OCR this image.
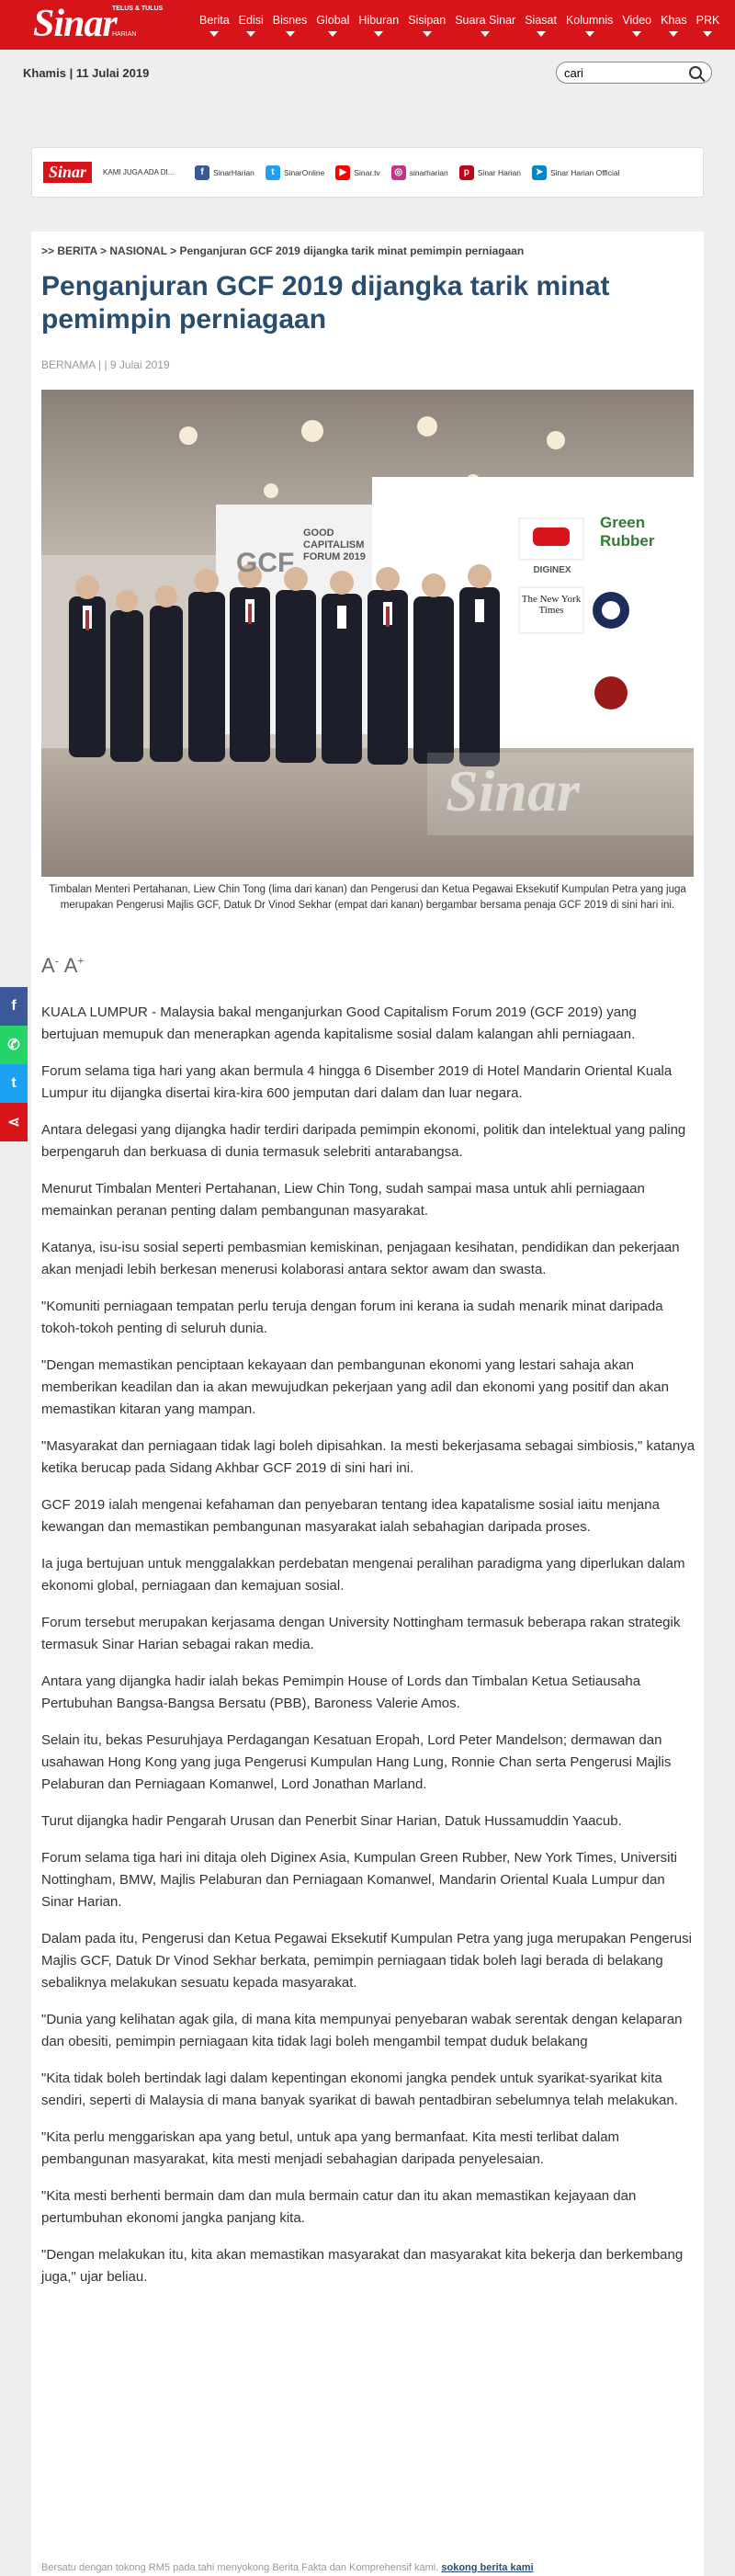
TELUS & TULUS
Sinar
HARIAN
Berita Edisi Bisnes Global Hiburan Sisipan Suara Sinar Siasat Kolumnis Video Khas PRK
Khamis | 11 Julai 2019
cari
Sinar	KAMI JUGA ADA DI...	f	SinarHarian	t	SinarOnline	▶ Sinar.tv	◎ sinarharian	p	Sinar Harian	➤ Sinar Harian Official
>> BERITA > NASIONAL > Penganjuran GCF 2019 dijangka tarik minat pemimpin perniagaan
Penganjuran GCF 2019 dijangka tarik minat pemimpin perniagaan
BERNAMA | | 9 Julai 2019
GOOD CAPITALISM FORUM 2019
GCF	DIGINEX
Green Rubber
The New York Times
Sinar
Timbalan Menteri Pertahanan, Liew Chin Tong (lima dari kanan) dan Pengerusi dan Ketua Pegawai Eksekutif Kumpulan Petra yang juga merupakan Pengerusi Majlis GCF, Datuk Dr Vinod Sekhar (empat dari kanan) bergambar bersama penaja GCF 2019 di sini hari ini.
A- A+

KUALA LUMPUR - Malaysia bakal menganjurkan Good Capitalism Forum 2019 (GCF 2019) yang bertujuan memupuk dan menerapkan agenda kapitalisme sosial dalam kalangan ahli perniagaan.

Forum selama tiga hari yang akan bermula 4 hingga 6 Disember 2019 di Hotel Mandarin Oriental Kuala Lumpur itu dijangka disertai kira-kira 600 jemputan dari dalam dan luar negara.

Antara delegasi yang dijangka hadir terdiri daripada pemimpin ekonomi, politik dan intelektual yang paling berpengaruh dan berkuasa di dunia termasuk selebriti antarabangsa.

Menurut Timbalan Menteri Pertahanan, Liew Chin Tong, sudah sampai masa untuk ahli perniagaan memainkan peranan penting dalam pembangunan masyarakat.

Katanya, isu-isu sosial seperti pembasmian kemiskinan, penjagaan kesihatan, pendidikan dan pekerjaan akan menjadi lebih berkesan menerusi kolaborasi antara sektor awam dan swasta.

"Komuniti perniagaan tempatan perlu teruja dengan forum ini kerana ia sudah menarik minat daripada tokoh-tokoh penting di seluruh dunia.

"Dengan memastikan penciptaan kekayaan dan pembangunan ekonomi yang lestari sahaja akan memberikan keadilan dan ia akan mewujudkan pekerjaan yang adil dan ekonomi yang positif dan akan memastikan kitaran yang mampan.

"Masyarakat dan perniagaan tidak lagi boleh dipisahkan. Ia mesti bekerjasama sebagai simbiosis," katanya ketika berucap pada Sidang Akhbar GCF 2019 di sini hari ini.

GCF 2019 ialah mengenai kefahaman dan penyebaran tentang idea kapatalisme sosial iaitu menjana kewangan dan memastikan pembangunan masyarakat ialah sebahagian daripada proses.

Ia juga bertujuan untuk menggalakkan perdebatan mengenai peralihan paradigma yang diperlukan dalam ekonomi global, perniagaan dan kemajuan sosial.

Forum tersebut merupakan kerjasama dengan University Nottingham termasuk beberapa rakan strategik termasuk Sinar Harian sebagai rakan media.

Antara yang dijangka hadir ialah bekas Pemimpin House of Lords dan Timbalan Ketua Setiausaha Pertubuhan Bangsa-Bangsa Bersatu (PBB), Baroness Valerie Amos.

Selain itu, bekas Pesuruhjaya Perdagangan Kesatuan Eropah, Lord Peter Mandelson; dermawan dan usahawan Hong Kong yang juga Pengerusi Kumpulan Hang Lung, Ronnie Chan serta Pengerusi Majlis Pelaburan dan Perniagaan Komanwel, Lord Jonathan Marland.

Turut dijangka hadir Pengarah Urusan dan Penerbit Sinar Harian, Datuk Hussamuddin Yaacub.

Forum selama tiga hari ini ditaja oleh Diginex Asia, Kumpulan Green Rubber, New York Times, Universiti Nottingham, BMW, Majlis Pelaburan dan Perniagaan Komanwel, Mandarin Oriental Kuala Lumpur dan Sinar Harian.

Dalam pada itu, Pengerusi dan Ketua Pegawai Eksekutif Kumpulan Petra yang juga merupakan Pengerusi Majlis GCF, Datuk Dr Vinod Sekhar berkata, pemimpin perniagaan tidak boleh lagi berada di belakang sebaliknya melakukan sesuatu kepada masyarakat.

"Dunia yang kelihatan agak gila, di mana kita mempunyai penyebaran wabak serentak dengan kelaparan dan obesiti, pemimpin perniagaan kita tidak lagi boleh mengambil tempat duduk belakang

"Kita tidak boleh bertindak lagi dalam kepentingan ekonomi jangka pendek untuk syarikat-syarikat kita sendiri, seperti di Malaysia di mana banyak syarikat di bawah pentadbiran sebelumnya telah melakukan.

"Kita perlu menggariskan apa yang betul, untuk apa yang bermanfaat. Kita mesti terlibat dalam pembangunan masyarakat, kita mesti menjadi sebahagian daripada penyelesaian.

"Kita mesti berhenti bermain dam dan mula bermain catur dan itu akan memastikan kejayaan dan pertumbuhan ekonomi jangka panjang kita.

"Dengan melakukan itu, kita akan memastikan masyarakat dan masyarakat kita bekerja dan berkembang juga," ujar beliau.

Bersatu dengan tokong RM5 pada tahi menyokong Berita Fakta dan Komprehensif kami. sokong berita kami
f
✆
t
⋖
